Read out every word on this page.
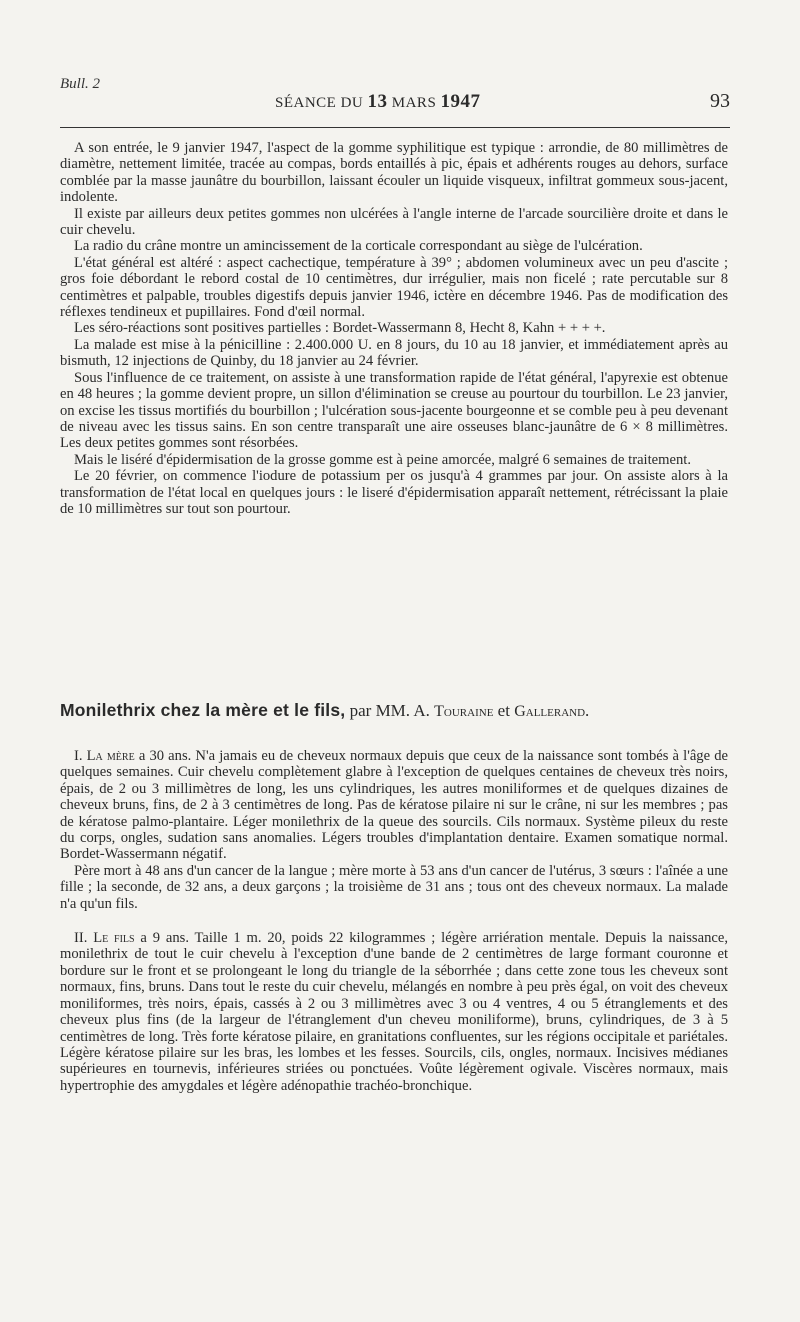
Bull. 2
SÉANCE DU 13 MARS 1947	93

A son entrée, le 9 janvier 1947, l'aspect de la gomme syphilitique est typique : arrondie, de 80 millimètres de diamètre, nettement limitée, tracée au compas, bords entaillés à pic, épais et adhérents rouges au dehors, surface comblée par la masse jaunâtre du bourbillon, laissant écouler un liquide visqueux, infiltrat gommeux sous-jacent, indolente.

Il existe par ailleurs deux petites gommes non ulcérées à l'angle interne de l'arcade sourcilière droite et dans le cuir chevelu.

La radio du crâne montre un amincissement de la corticale correspondant au siège de l'ulcération.

L'état général est altéré : aspect cachectique, température à 39° ; abdomen volumineux avec un peu d'ascite ; gros foie débordant le rebord costal de 10 centimètres, dur irrégulier, mais non ficelé ; rate percutable sur 8 centimètres et palpable, troubles digestifs depuis janvier 1946, ictère en décembre 1946. Pas de modification des réflexes tendineux et pupillaires. Fond d'œil normal.

Les séro-réactions sont positives partielles : Bordet-Wassermann 8, Hecht 8, Kahn + + + +.

La malade est mise à la pénicilline : 2.400.000 U. en 8 jours, du 10 au 18 janvier, et immédiatement après au bismuth, 12 injections de Quinby, du 18 janvier au 24 février.

Sous l'influence de ce traitement, on assiste à une transformation rapide de l'état général, l'apyrexie est obtenue en 48 heures ; la gomme devient propre, un sillon d'élimination se creuse au pourtour du tourbillon. Le 23 janvier, on excise les tissus mortifiés du bourbillon ; l'ulcération sous-jacente bourgeonne et se comble peu à peu devenant de niveau avec les tissus sains. En son centre transparaît une aire osseuses blanc-jaunâtre de 6 × 8 millimètres. Les deux petites gommes sont résorbées.

Mais le liséré d'épidermisation de la grosse gomme est à peine amorcée, malgré 6 semaines de traitement.

Le 20 février, on commence l'iodure de potassium per os jusqu'à 4 grammes par jour. On assiste alors à la transformation de l'état local en quelques jours : le liseré d'épidermisation apparaît nettement, rétrécissant la plaie de 10 millimètres sur tout son pourtour.

Monilethrix chez la mère et le fils, par MM. A. Touraine et Gallerand.

I. La mère a 30 ans. N'a jamais eu de cheveux normaux depuis que ceux de la naissance sont tombés à l'âge de quelques semaines. Cuir chevelu complètement glabre à l'exception de quelques centaines de cheveux très noirs, épais, de 2 ou 3 millimètres de long, les uns cylindriques, les autres moniliformes et de quelques dizaines de cheveux bruns, fins, de 2 à 3 centimètres de long. Pas de kératose pilaire ni sur le crâne, ni sur les membres ; pas de kératose palmo-plantaire. Léger monilethrix de la queue des sourcils. Cils normaux. Système pileux du reste du corps, ongles, sudation sans anomalies. Légers troubles d'implantation dentaire. Examen somatique normal. Bordet-Wassermann négatif.

Père mort à 48 ans d'un cancer de la langue ; mère morte à 53 ans d'un cancer de l'utérus, 3 sœurs : l'aînée a une fille ; la seconde, de 32 ans, a deux garçons ; la troisième de 31 ans ; tous ont des cheveux normaux. La malade n'a qu'un fils.

II. Le fils a 9 ans. Taille 1 m. 20, poids 22 kilogrammes ; légère arriération mentale. Depuis la naissance, monilethrix de tout le cuir chevelu à l'exception d'une bande de 2 centimètres de large formant couronne et bordure sur le front et se prolongeant le long du triangle de la séborrhée ; dans cette zone tous les cheveux sont normaux, fins, bruns. Dans tout le reste du cuir chevelu, mélangés en nombre à peu près égal, on voit des cheveux moniliformes, très noirs, épais, cassés à 2 ou 3 millimètres avec 3 ou 4 ventres, 4 ou 5 étranglements et des cheveux plus fins (de la largeur de l'étranglement d'un cheveu moniliforme), bruns, cylindriques, de 3 à 5 centimètres de long. Très forte kératose pilaire, en granitations confluentes, sur les régions occipitale et pariétales. Légère kératose pilaire sur les bras, les lombes et les fesses. Sourcils, cils, ongles, normaux. Incisives médianes supérieures en tournevis, inférieures striées ou ponctuées. Voûte légèrement ogivale. Viscères normaux, mais hypertrophie des amygdales et légère adénopathie trachéo-bronchique.
